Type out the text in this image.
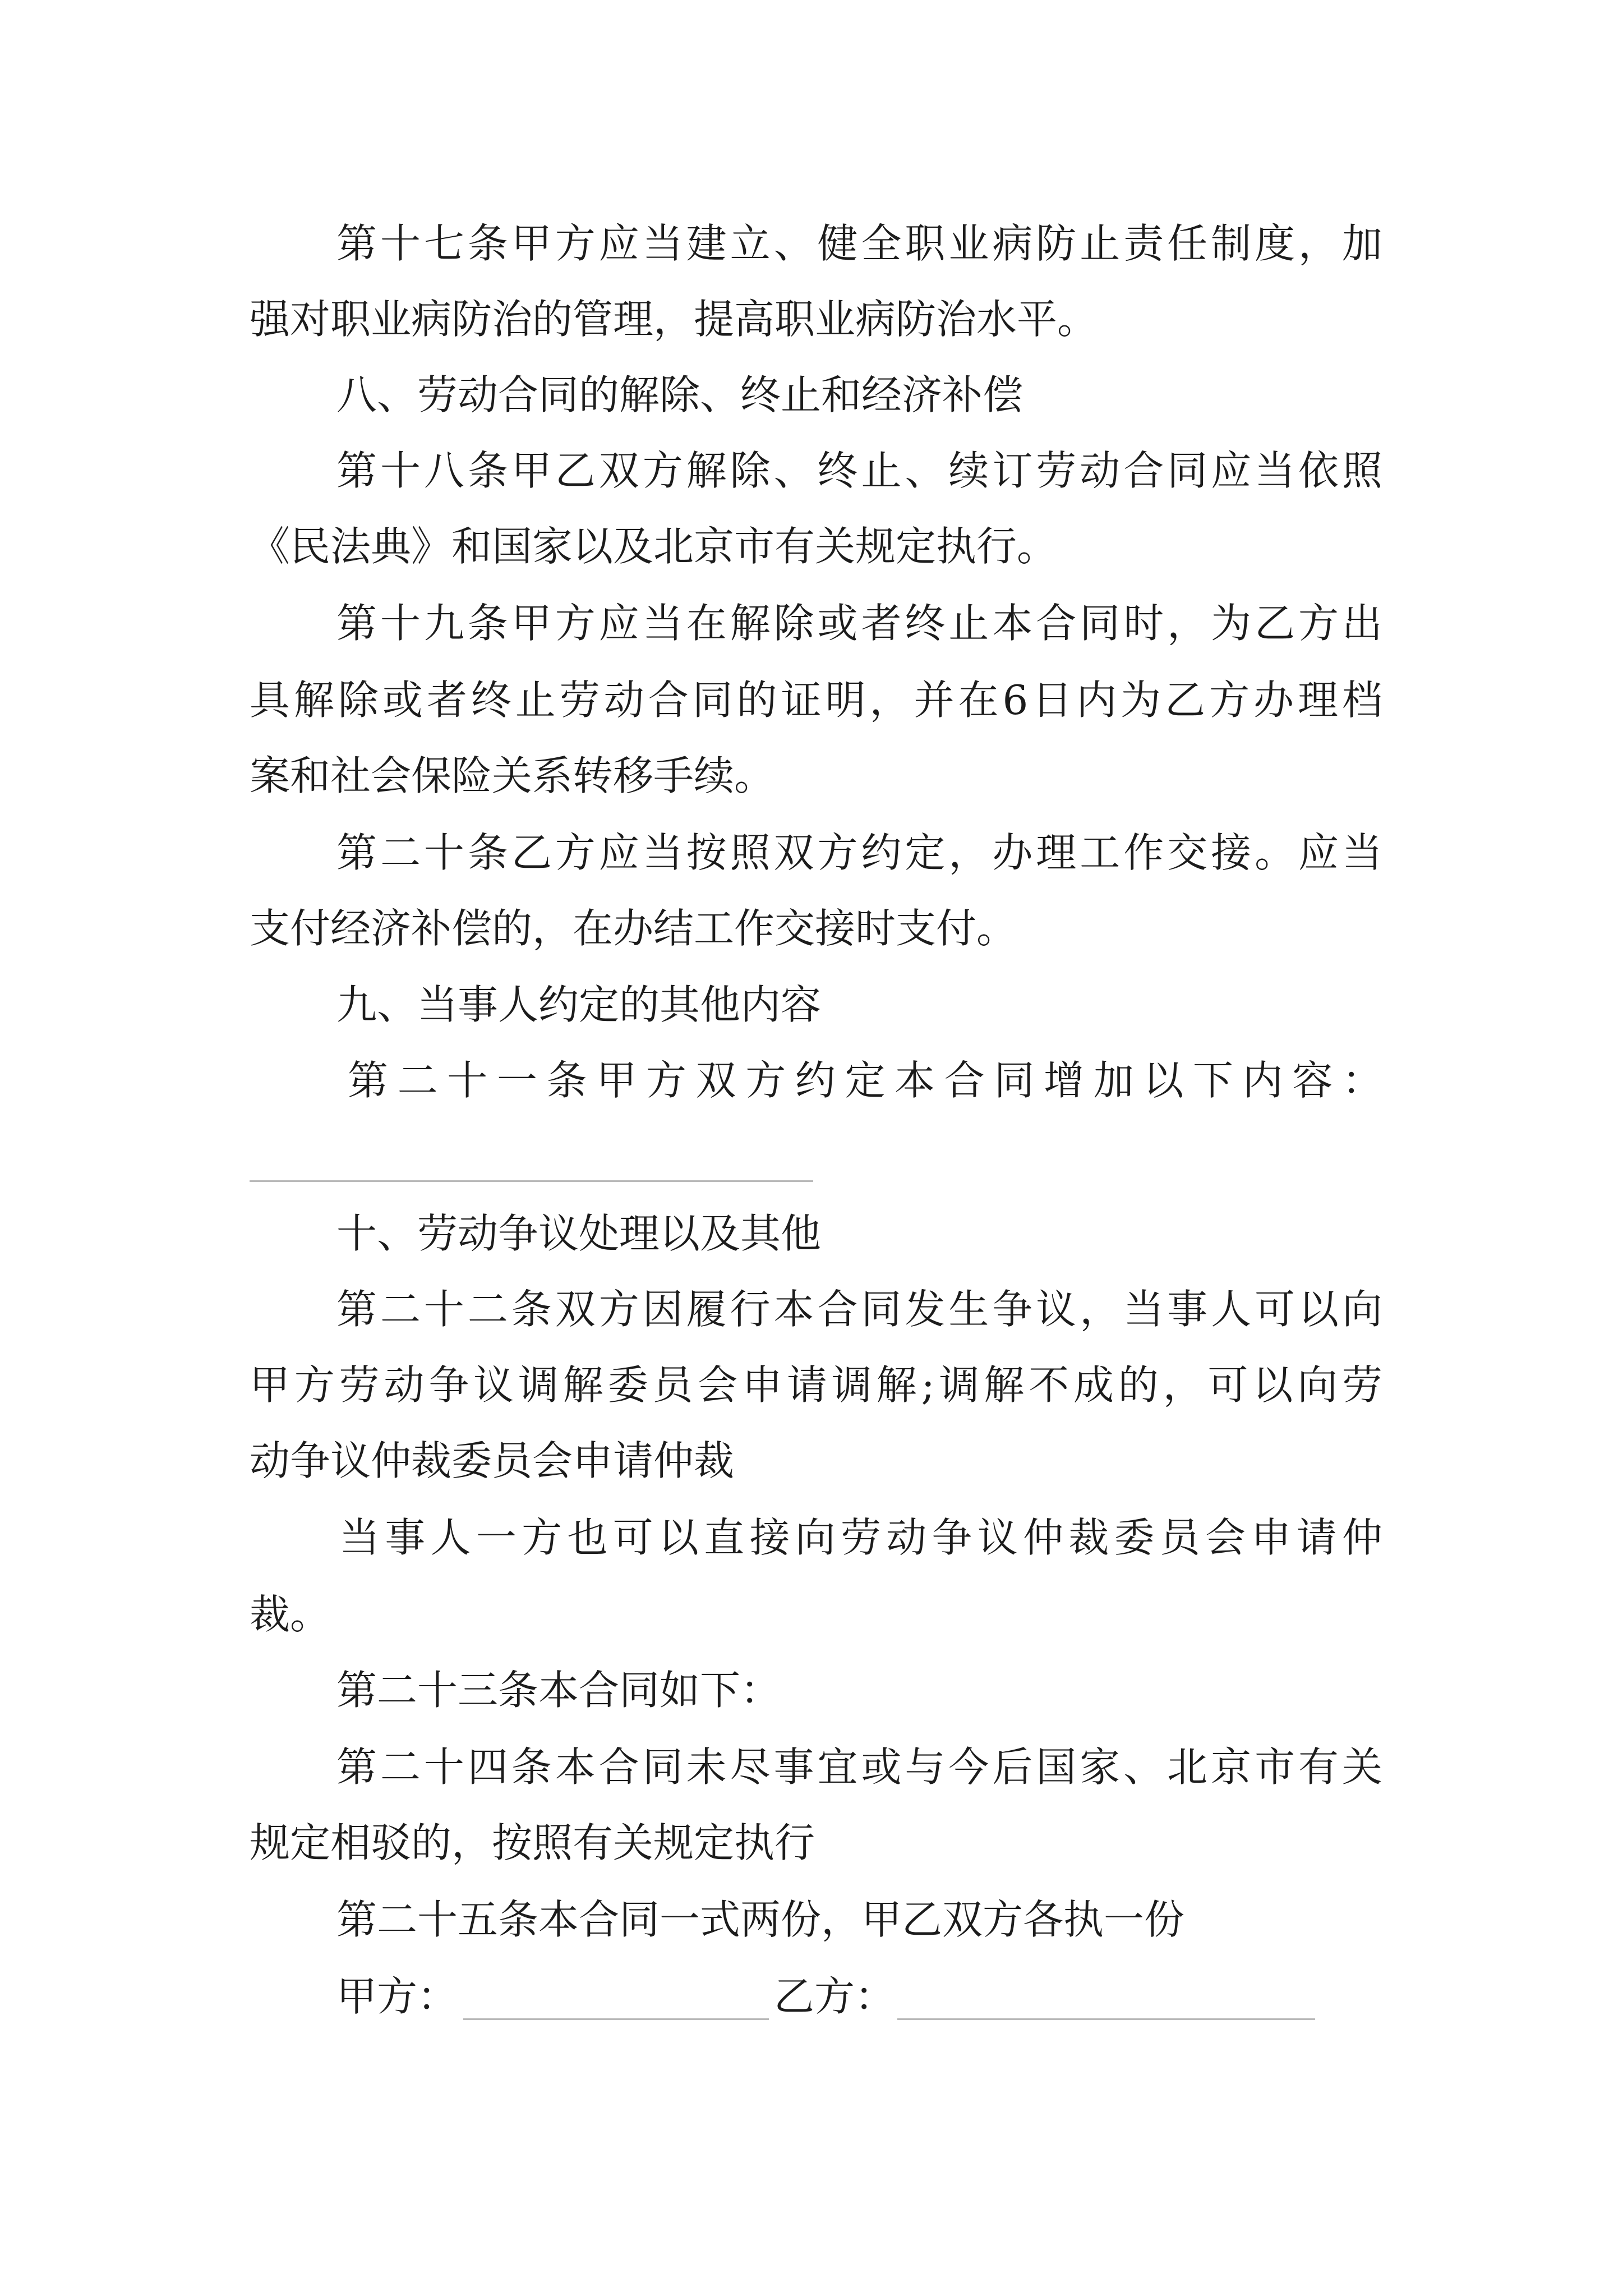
第十七条甲方应当建立、健全职业病防止责任制度，加
强对职业病防治的管理，提高职业病防治水平。
八、劳动合同的解除、终止和经济补偿
第十八条甲乙双方解除、终止、续订劳动合同应当依照
《民法典》和国家以及北京市有关规定执行。
第十九条甲方应当在解除或者终止本合同时，为乙方出
具解除或者终止劳动合同的证明，并在6日内为乙方办理档
案和社会保险关系转移手续。
第二十条乙方应当按照双方约定，办理工作交接。应当
支付经济补偿的，在办结工作交接时支付。
九、当事人约定的其他内容
第二十一条甲方双方约定本合同增加以下内容：
十、劳动争议处理以及其他
第二十二条双方因履行本合同发生争议，当事人可以向
甲方劳动争议调解委员会申请调解;调解不成的，可以向劳
动争议仲裁委员会申请仲裁
当事人一方也可以直接向劳动争议仲裁委员会申请仲
裁。
第二十三条本合同如下：
第二十四条本合同未尽事宜或与今后国家、北京市有关
规定相驳的，按照有关规定执行
第二十五条本合同一式两份，甲乙双方各执一份
甲方：	乙方：
